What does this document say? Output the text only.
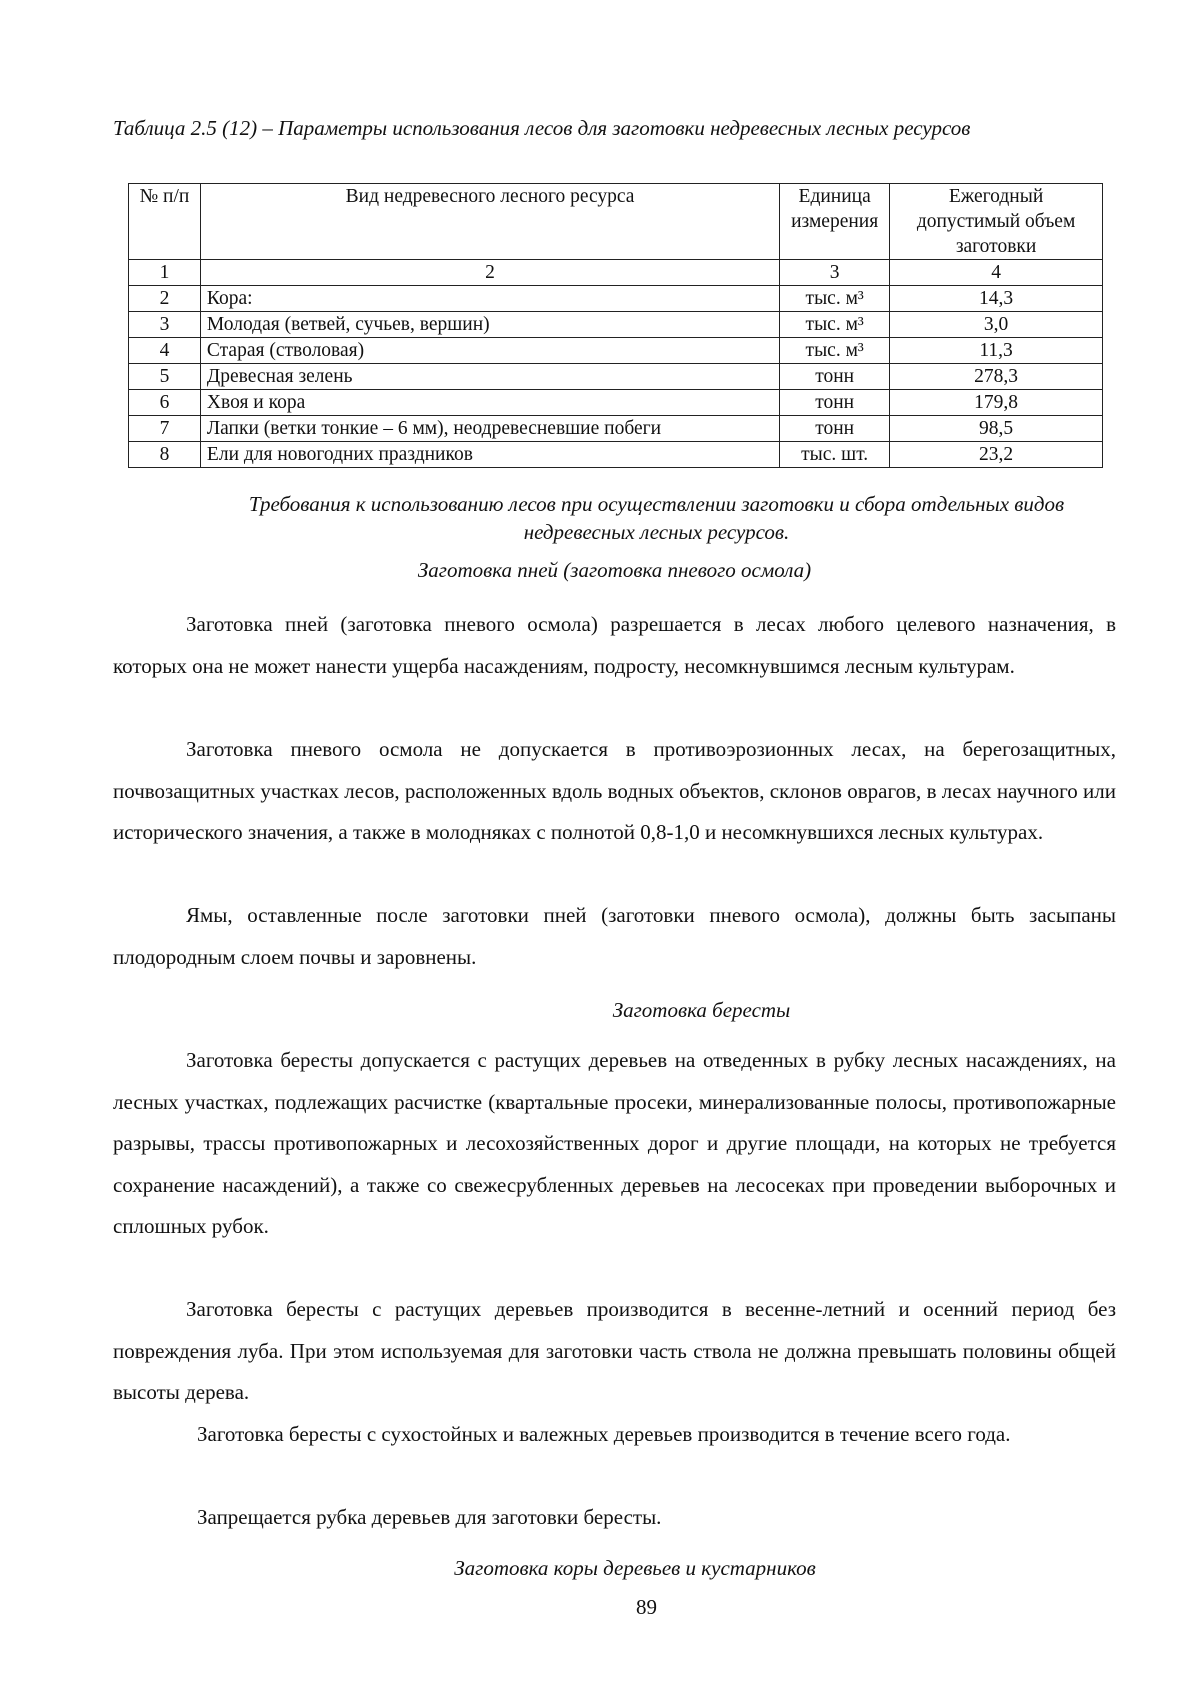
Таблица 2.5 (12) – Параметры использования лесов для заготовки недревесных лесных ресурсов
№ п/п	Вид недревесного лесного ресурса	Единица измерения	Ежегодный допустимый объем заготовки
1	2	3	4
2	Кора:	тыс. м³	14,3
3	Молодая (ветвей, сучьев, вершин)	тыс. м³	3,0
4	Старая (стволовая)	тыс. м³	11,3
5	Древесная зелень	тонн	278,3
6	Хвоя и кора	тонн	179,8
7	Лапки (ветки тонкие – 6 мм), неодревесневшие побеги	тонн	98,5
8	Ели для новогодних праздников	тыс. шт.	23,2
Требования к использованию лесов при осуществлении заготовки и сбора отдельных видов недревесных лесных ресурсов.
Заготовка пней (заготовка пневого осмола)
Заготовка пней (заготовка пневого осмола) разрешается в лесах любого целевого назначения, в которых она не может нанести ущерба насаждениям, подросту, несомкнувшимся лесным культурам.
Заготовка пневого осмола не допускается в противоэрозионных лесах, на берегозащитных, почвозащитных участках лесов, расположенных вдоль водных объектов, склонов оврагов, в лесах научного или исторического значения, а также в молодняках с полнотой 0,8-1,0 и несомкнувшихся лесных культурах.
Ямы, оставленные после заготовки пней (заготовки пневого осмола), должны быть засыпаны плодородным слоем почвы и заровнены.
Заготовка бересты
Заготовка бересты допускается с растущих деревьев на отведенных в рубку лесных насаждениях, на лесных участках, подлежащих расчистке (квартальные просеки, минерализованные полосы, противопожарные разрывы, трассы противопожарных и лесохозяйственных дорог и другие площади, на которых не требуется сохранение насаждений), а также со свежесрубленных деревьев на лесосеках при проведении выборочных и сплошных рубок.
Заготовка бересты с растущих деревьев производится в весенне-летний и осенний период без повреждения луба. При этом используемая для заготовки часть ствола не должна превышать половины общей высоты дерева.
Заготовка бересты с сухостойных и валежных деревьев производится в течение всего года.
Запрещается рубка деревьев для заготовки бересты.
Заготовка коры деревьев и кустарников
89
